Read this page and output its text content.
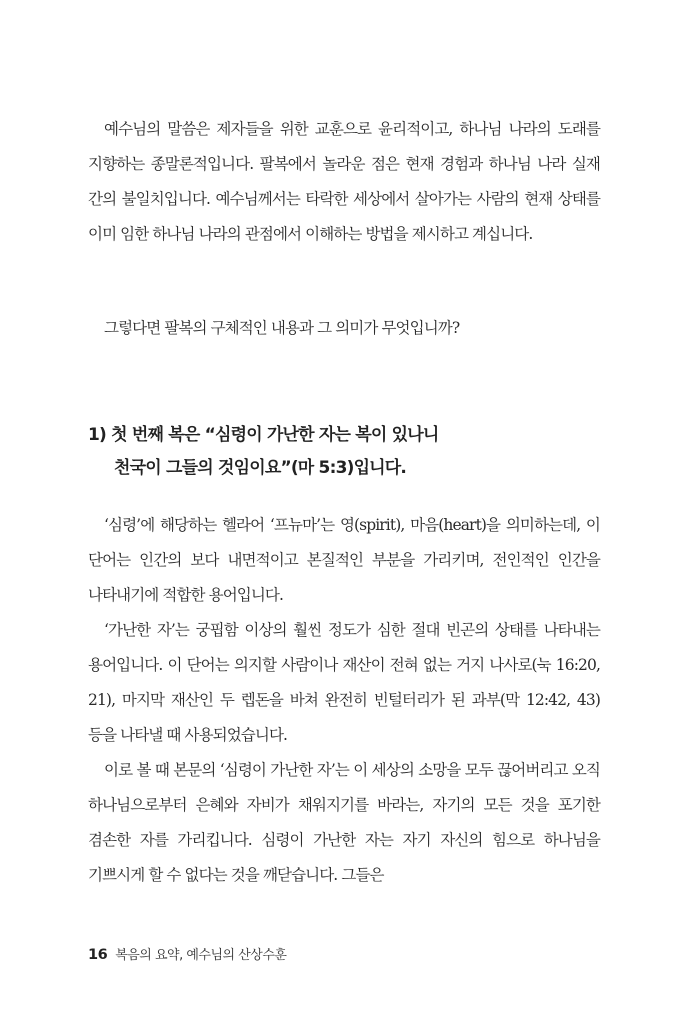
예수님의 말씀은 제자들을 위한 교훈으로 윤리적이고, 하나님 나라의 도래를 지향하는 종말론적입니다. 팔복에서 놀라운 점은 현재 경험과 하나님 나라 실재 간의 불일치입니다. 예수님께서는 타락한 세상에서 살아가는 사람의 현재 상태를 이미 임한 하나님 나라의 관점에서 이해하는 방법을 제시하고 계십니다.

그렇다면 팔복의 구체적인 내용과 그 의미가 무엇입니까?

1) 첫 번째 복은 “심령이 가난한 자는 복이 있나니
천국이 그들의 것임이요”(마 5:3)입니다.

‘심령’에 해당하는 헬라어 ‘프뉴마’는 영(spirit), 마음(heart)을 의미하는데, 이 단어는 인간의 보다 내면적이고 본질적인 부분을 가리키며, 전인적인 인간을 나타내기에 적합한 용어입니다.

‘가난한 자’는 궁핍함 이상의 훨씬 정도가 심한 절대 빈곤의 상태를 나타내는 용어입니다. 이 단어는 의지할 사람이나 재산이 전혀 없는 거지 나사로(눅 16:20, 21), 마지막 재산인 두 렙돈을 바쳐 완전히 빈털터리가 된 과부(막 12:42, 43) 등을 나타낼 때 사용되었습니다.

이로 볼 때 본문의 ‘심령이 가난한 자’는 이 세상의 소망을 모두 끊어버리고 오직 하나님으로부터 은혜와 자비가 채워지기를 바라는, 자기의 모든 것을 포기한 겸손한 자를 가리킵니다. 심령이 가난한 자는 자기 자신의 힘으로 하나님을 기쁘시게 할 수 없다는 것을 깨닫습니다. 그들은

16 복음의 요약, 예수님의 산상수훈
